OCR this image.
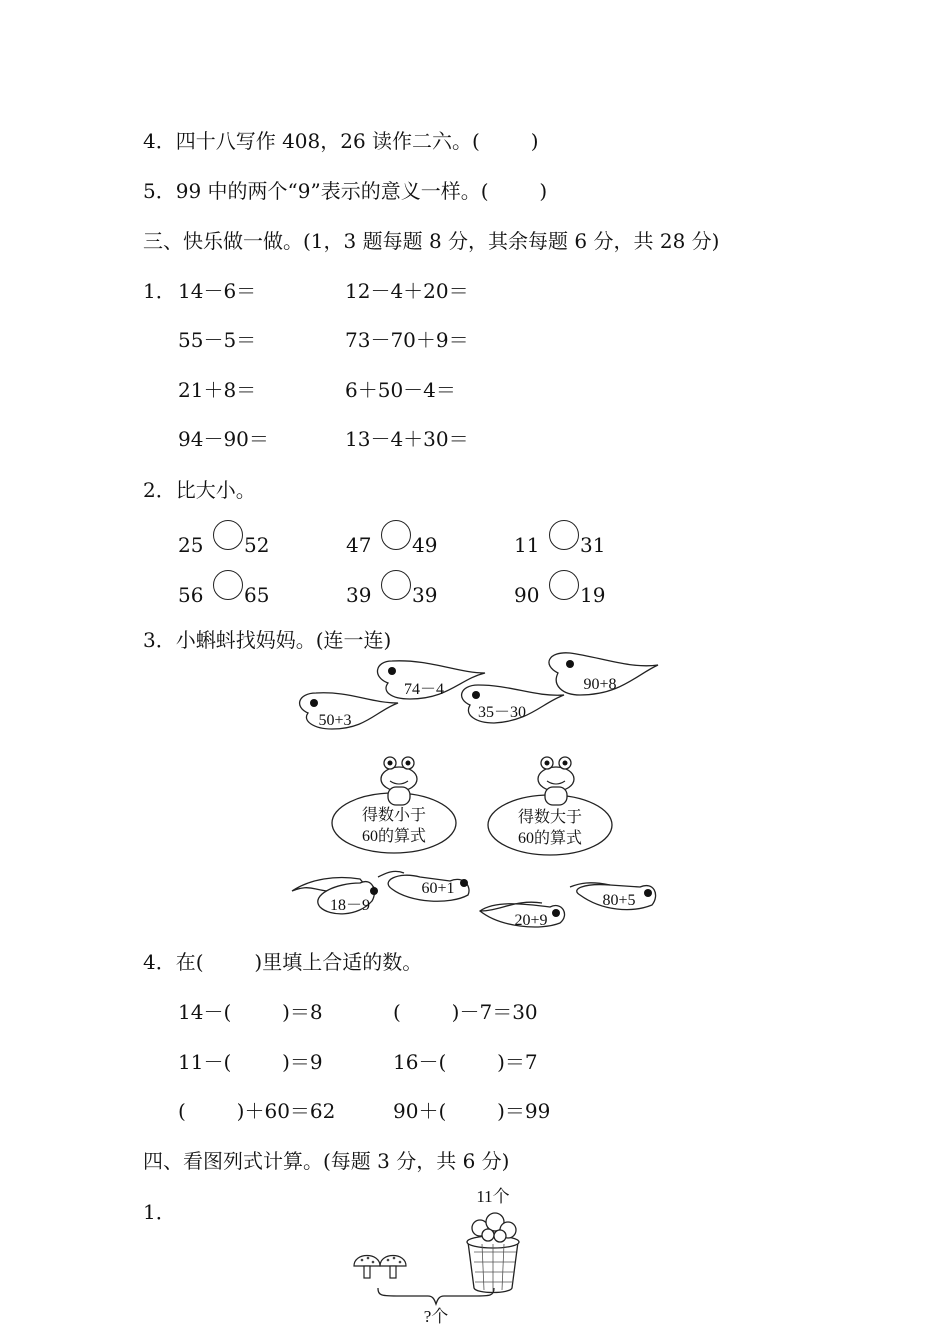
4．四十八写作 408，26 读作二六。(        )
5．99 中的两个“9”表示的意义一样。(        )
三、快乐做一做。(1，3 题每题 8 分，其余每题 6 分，共 28 分)
1． 14－6＝	12－4＋20＝
55－5＝	73－70＋9＝
21＋8＝	6＋50－4＝
94－90＝	13－4＋30＝
2．比大小。
25 52	47 49	11 31
56 65	39 39	90 19
3．小蝌蚪找妈妈。(连一连)
74－4	90+8
50+3	35－30
得数小于
60的算式
得数大于
60的算式
18－9
60+1
20+9
80+5
4．在(        )里填上合适的数。
14－(        )＝8	(        )－7＝30
11－(        )＝9	16－(        )＝7
(        )＋60＝62	90＋(        )＝99
四、看图列式计算。(每题 3 分，共 6 分)
1．
11个
?个
